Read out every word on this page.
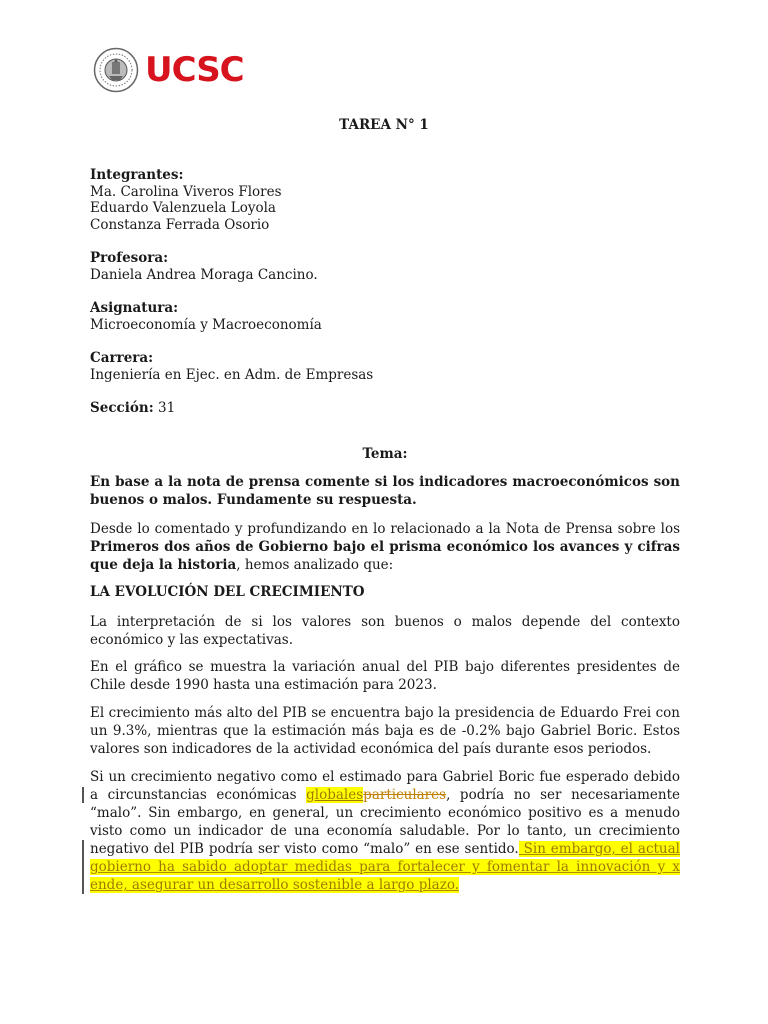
UCSC
TAREA N° 1
Integrantes:
Ma. Carolina Viveros Flores
Eduardo Valenzuela Loyola
Constanza Ferrada Osorio
Profesora:
Daniela Andrea Moraga Cancino.
Asignatura:
Microeconomía y Macroeconomía
Carrera:
Ingeniería en Ejec. en Adm. de Empresas
Sección: 31
Tema:
En base a la nota de prensa comente si los indicadores macroeconómicos son buenos o malos. Fundamente su respuesta.
Desde lo comentado y profundizando en lo relacionado a la Nota de Prensa sobre los Primeros dos años de Gobierno bajo el prisma económico los avances y cifras que deja la historia, hemos analizado que:
LA EVOLUCIÓN DEL CRECIMIENTO
La interpretación de si los valores son buenos o malos depende del contexto económico y las expectativas.
En el gráfico se muestra la variación anual del PIB bajo diferentes presidentes de Chile desde 1990 hasta una estimación para 2023.
El crecimiento más alto del PIB se encuentra bajo la presidencia de Eduardo Frei con un 9.3%, mientras que la estimación más baja es de -0.2% bajo Gabriel Boric. Estos valores son indicadores de la actividad económica del país durante esos periodos.
Si un crecimiento negativo como el estimado para Gabriel Boric fue esperado debido a circunstancias económicas globalesparticulares, podría no ser necesariamente “malo”. Sin embargo, en general, un crecimiento económico positivo es a menudo visto como un indicador de una economía saludable. Por lo tanto, un crecimiento negativo del PIB podría ser visto como “malo” en ese sentido. Sin embargo, el actual gobierno ha sabido adoptar medidas para fortalecer y fomentar la innovación y x ende, asegurar un desarrollo sostenible a largo plazo.
